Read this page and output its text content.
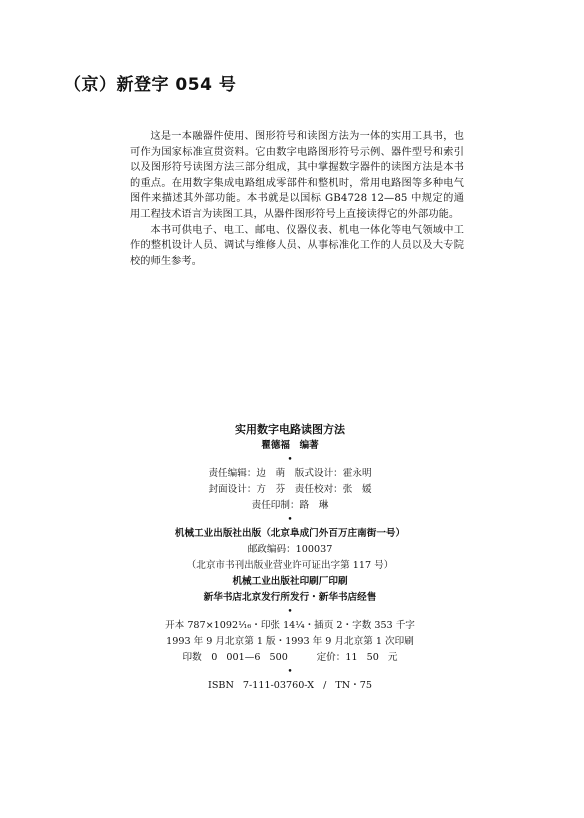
（京）新登字 054 号

这是一本融器件使用、图形符号和读图方法为一体的实用工具书，也可作为国家标准宣贯资料。它由数字电路图形符号示例、器件型号和索引以及图形符号读图方法三部分组成，其中掌握数字器件的读图方法是本书的重点。在用数字集成电路组成零部件和整机时，常用电路图等多种电气图件来描述其外部功能。本书就是以国标 GB4728 12—85 中规定的通用工程技术语言为读图工具，从器件图形符号上直接读得它的外部功能。

本书可供电子、电工、邮电、仪器仪表、机电一体化等电气领域中工作的整机设计人员、调试与维修人员、从事标准化工作的人员以及大专院校的师生参考。

实用数字电路读图方法
瞿德福　编著
•
责任编辑：边　萌　版式设计：霍永明
封面设计：方　芬　责任校对：张　媛
责任印制：路　琳
•
机械工业出版社出版（北京阜成门外百万庄南街一号）
邮政编码：100037
（北京市书刊出版业营业许可证出字第 117 号）
机械工业出版社印刷厂印刷
新华书店北京发行所发行・新华书店经售
•
开本 787×1092¹⁄₁₆・印张 14¹⁄₄・插页 2・字数 353 千字
1993 年 9 月北京第 1 版・1993 年 9 月北京第 1 次印刷
印数　0 001—6 500　　　定价：11 50 元
•
ISBN 7-111-03760-X / TN・75
